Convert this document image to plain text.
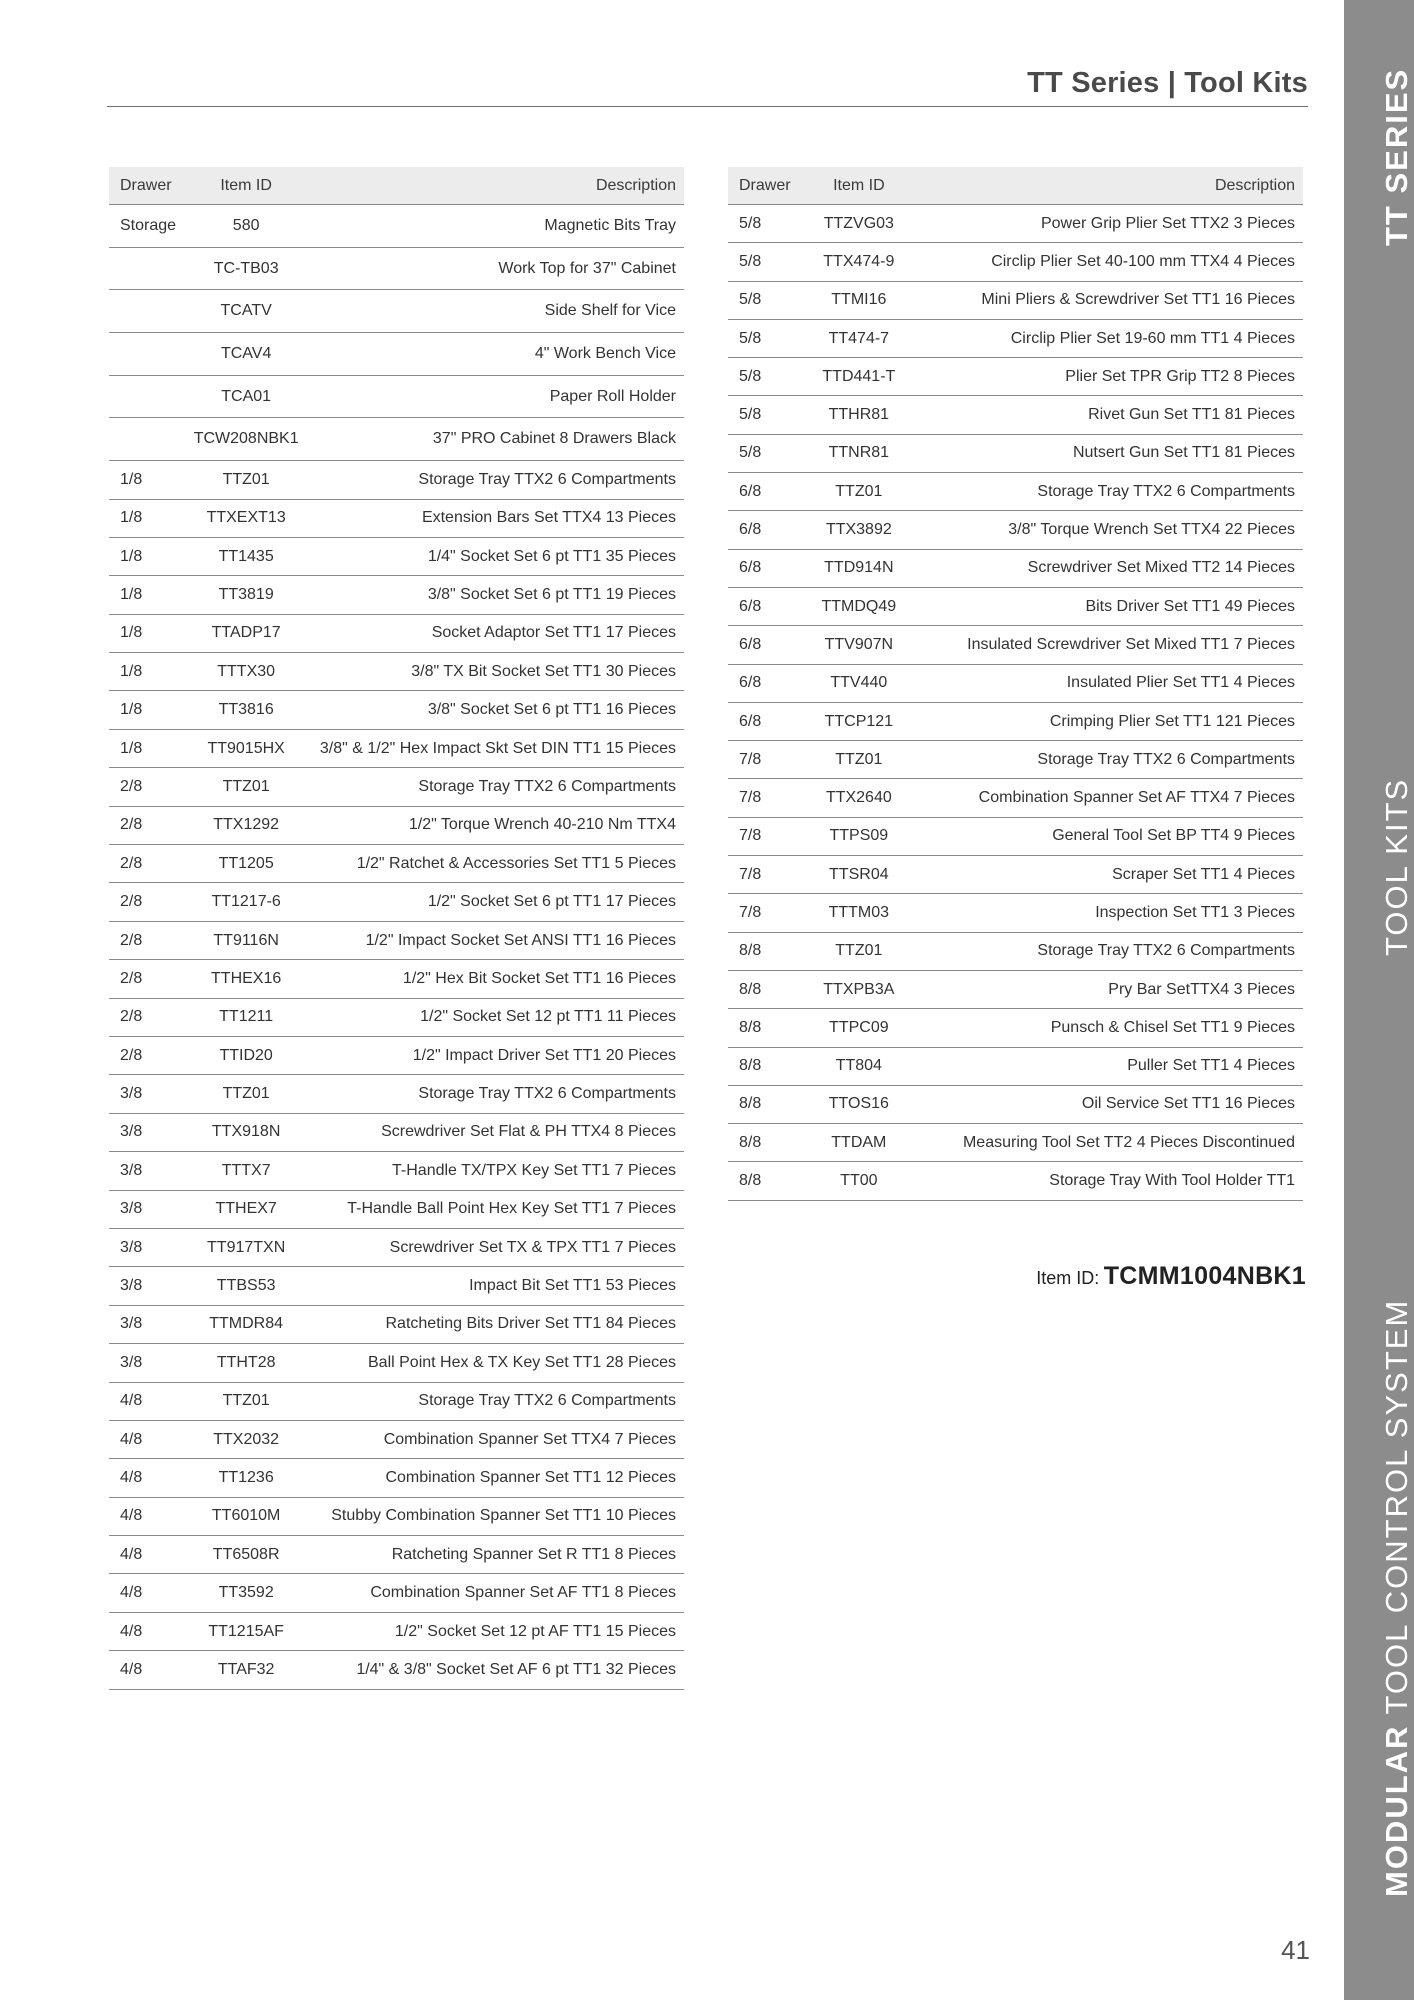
TT Series | Tool Kits TT SERIES
TOOL KITS
MODULAR TOOL CONTROL SYSTEM
Drawer	Item ID	Description
Storage	580	Magnetic Bits Tray
	TC-TB03	Work Top for 37" Cabinet
	TCATV	Side Shelf for Vice
	TCAV4	4" Work Bench Vice
	TCA01	Paper Roll Holder
	TCW208NBK1	37" PRO Cabinet 8 Drawers Black
1/8	TTZ01	Storage Tray TTX2 6 Compartments
1/8	TTXEXT13	Extension Bars Set TTX4 13 Pieces
1/8	TT1435	1/4" Socket Set 6 pt TT1 35 Pieces
1/8	TT3819	3/8" Socket Set 6 pt TT1 19 Pieces
1/8	TTADP17	Socket Adaptor Set TT1 17 Pieces
1/8	TTTX30	3/8" TX Bit Socket Set TT1 30 Pieces
1/8	TT3816	3/8" Socket Set 6 pt TT1 16 Pieces
1/8	TT9015HX	3/8" & 1/2" Hex Impact Skt Set DIN TT1 15 Pieces
2/8	TTZ01	Storage Tray TTX2 6 Compartments
2/8	TTX1292	1/2" Torque Wrench 40-210 Nm TTX4
2/8	TT1205	1/2" Ratchet & Accessories Set TT1 5 Pieces
2/8	TT1217-6	1/2" Socket Set 6 pt TT1 17 Pieces
2/8	TT9116N	1/2" Impact Socket Set ANSI TT1 16 Pieces
2/8	TTHEX16	1/2" Hex Bit Socket Set TT1 16 Pieces
2/8	TT1211	1/2" Socket Set 12 pt TT1 11 Pieces
2/8	TTID20	1/2" Impact Driver Set TT1 20 Pieces
3/8	TTZ01	Storage Tray TTX2 6 Compartments
3/8	TTX918N	Screwdriver Set Flat & PH TTX4 8 Pieces
3/8	TTTX7	T-Handle TX/TPX Key Set TT1 7 Pieces
3/8	TTHEX7	T-Handle Ball Point Hex Key Set TT1 7 Pieces
3/8	TT917TXN	Screwdriver Set TX & TPX TT1 7 Pieces
3/8	TTBS53	Impact Bit Set TT1 53 Pieces
3/8	TTMDR84	Ratcheting Bits Driver Set TT1 84 Pieces
3/8	TTHT28	Ball Point Hex & TX Key Set TT1 28 Pieces
4/8	TTZ01	Storage Tray TTX2 6 Compartments
4/8	TTX2032	Combination Spanner Set TTX4 7 Pieces
4/8	TT1236	Combination Spanner Set TT1 12 Pieces
4/8	TT6010M	Stubby Combination Spanner Set TT1 10 Pieces
4/8	TT6508R	Ratcheting Spanner Set R TT1 8 Pieces
4/8	TT3592	Combination Spanner Set AF TT1 8 Pieces
4/8	TT1215AF	1/2" Socket Set 12 pt AF TT1 15 Pieces
4/8	TTAF32	1/4" & 3/8" Socket Set AF 6 pt TT1 32 Pieces
Drawer	Item ID	Description
5/8	TTZVG03	Power Grip Plier Set TTX2 3 Pieces
5/8	TTX474-9	Circlip Plier Set 40-100 mm TTX4 4 Pieces
5/8	TTMI16	Mini Pliers & Screwdriver Set TT1 16 Pieces
5/8	TT474-7	Circlip Plier Set 19-60 mm TT1 4 Pieces
5/8	TTD441-T	Plier Set TPR Grip TT2 8 Pieces
5/8	TTHR81	Rivet Gun Set TT1 81 Pieces
5/8	TTNR81	Nutsert Gun Set TT1 81 Pieces
6/8	TTZ01	Storage Tray TTX2 6 Compartments
6/8	TTX3892	3/8" Torque Wrench Set TTX4 22 Pieces
6/8	TTD914N	Screwdriver Set Mixed TT2 14 Pieces
6/8	TTMDQ49	Bits Driver Set TT1 49 Pieces
6/8	TTV907N	Insulated Screwdriver Set Mixed TT1 7 Pieces
6/8	TTV440	Insulated Plier Set TT1 4 Pieces
6/8	TTCP121	Crimping Plier Set TT1 121 Pieces
7/8	TTZ01	Storage Tray TTX2 6 Compartments
7/8	TTX2640	Combination Spanner Set AF TTX4 7 Pieces
7/8	TTPS09	General Tool Set BP TT4 9 Pieces
7/8	TTSR04	Scraper Set TT1 4 Pieces
7/8	TTTM03	Inspection Set TT1 3 Pieces
8/8	TTZ01	Storage Tray TTX2 6 Compartments
8/8	TTXPB3A	Pry Bar SetTTX4 3 Pieces
8/8	TTPC09	Punsch & Chisel Set TT1 9 Pieces
8/8	TT804	Puller Set TT1 4 Pieces
8/8	TTOS16	Oil Service Set TT1 16 Pieces
8/8	TTDAM	Measuring Tool Set TT2 4 Pieces Discontinued
8/8	TT00	Storage Tray With Tool Holder TT1
Item ID: TCMM1004NBK1
41
